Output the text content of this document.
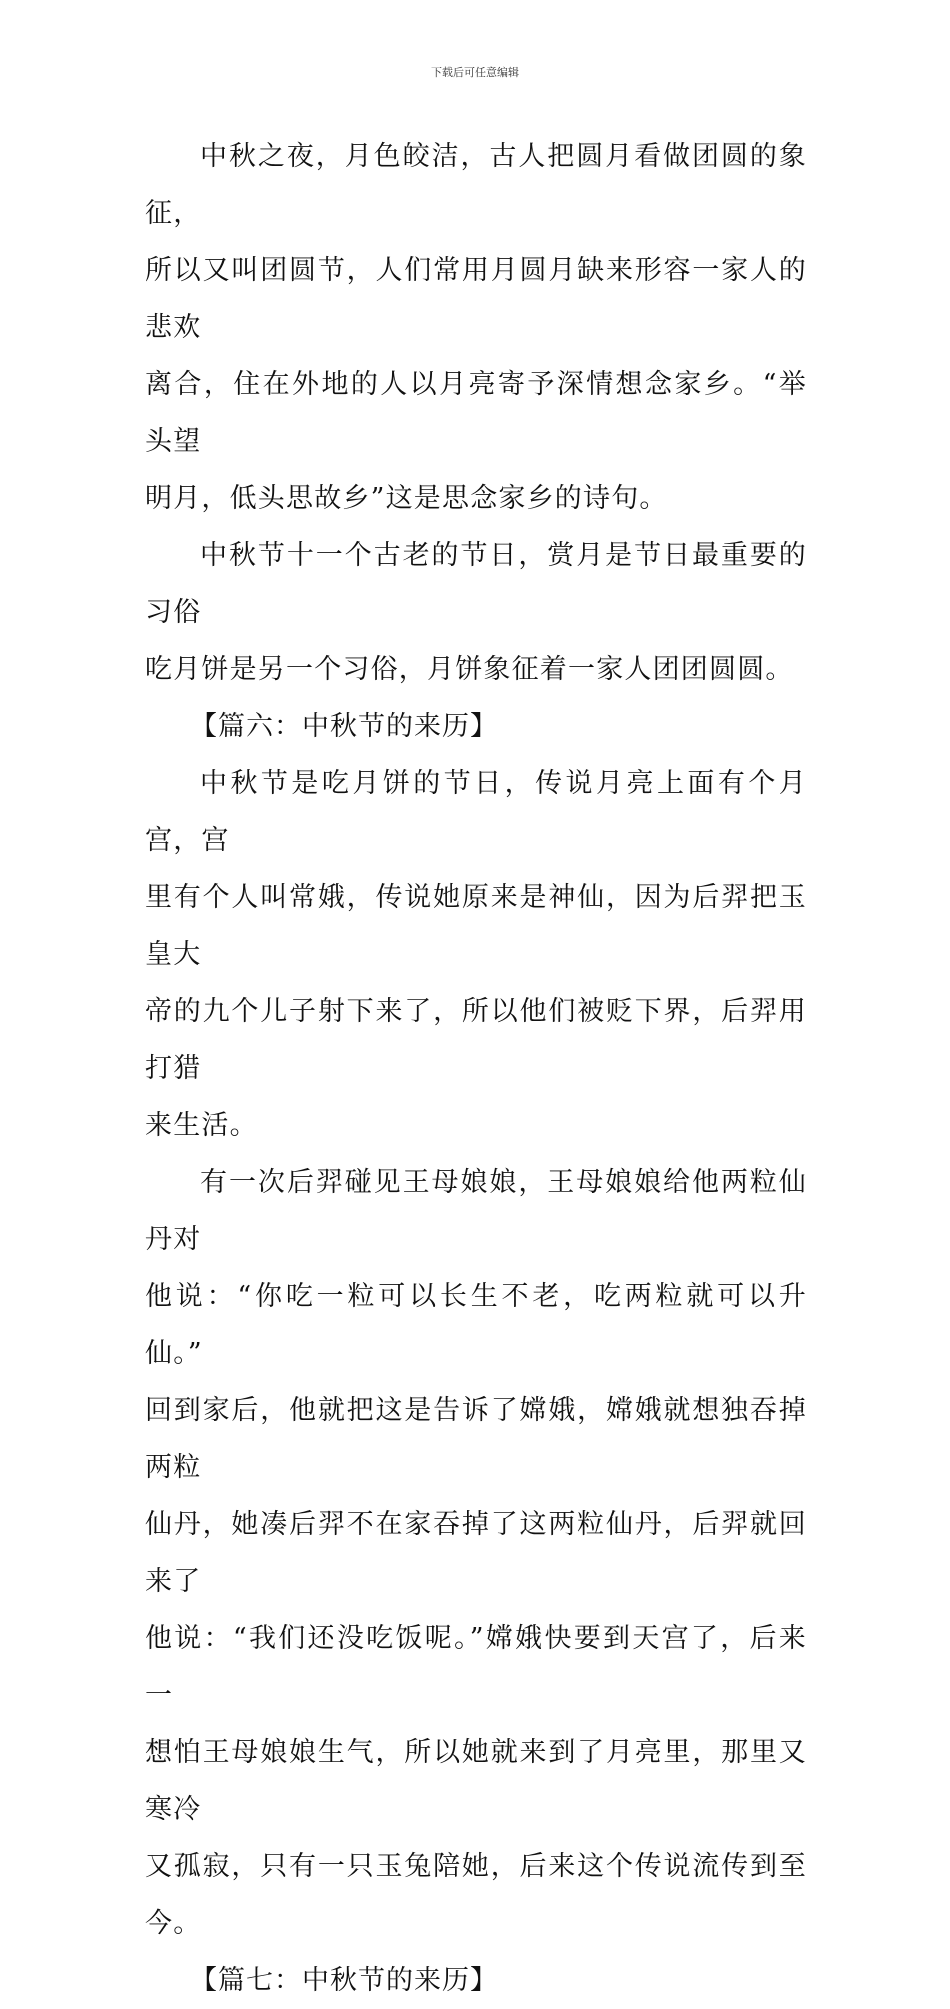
下载后可任意编辑

中秋之夜，月色皎洁，古人把圆月看做团圆的象征，
所以又叫团圆节，人们常用月圆月缺来形容一家人的悲欢
离合，住在外地的人以月亮寄予深情想念家乡。“举头望
明月，低头思故乡”这是思念家乡的诗句。

中秋节十一个古老的节日，赏月是节日最重要的习俗
吃月饼是另一个习俗，月饼象征着一家人团团圆圆。

【篇六：中秋节的来历】

中秋节是吃月饼的节日，传说月亮上面有个月宫，宫
里有个人叫常娥，传说她原来是神仙，因为后羿把玉皇大
帝的九个儿子射下来了，所以他们被贬下界，后羿用打猎
来生活。

有一次后羿碰见王母娘娘，王母娘娘给他两粒仙丹对
他说：“你吃一粒可以长生不老，吃两粒就可以升仙。”
回到家后，他就把这是告诉了嫦娥，嫦娥就想独吞掉两粒
仙丹，她凑后羿不在家吞掉了这两粒仙丹，后羿就回来了
他说：“我们还没吃饭呢。”嫦娥快要到天宫了，后来一
想怕王母娘娘生气，所以她就来到了月亮里，那里又寒冷
又孤寂，只有一只玉兔陪她，后来这个传说流传到至今。

【篇七：中秋节的来历】
